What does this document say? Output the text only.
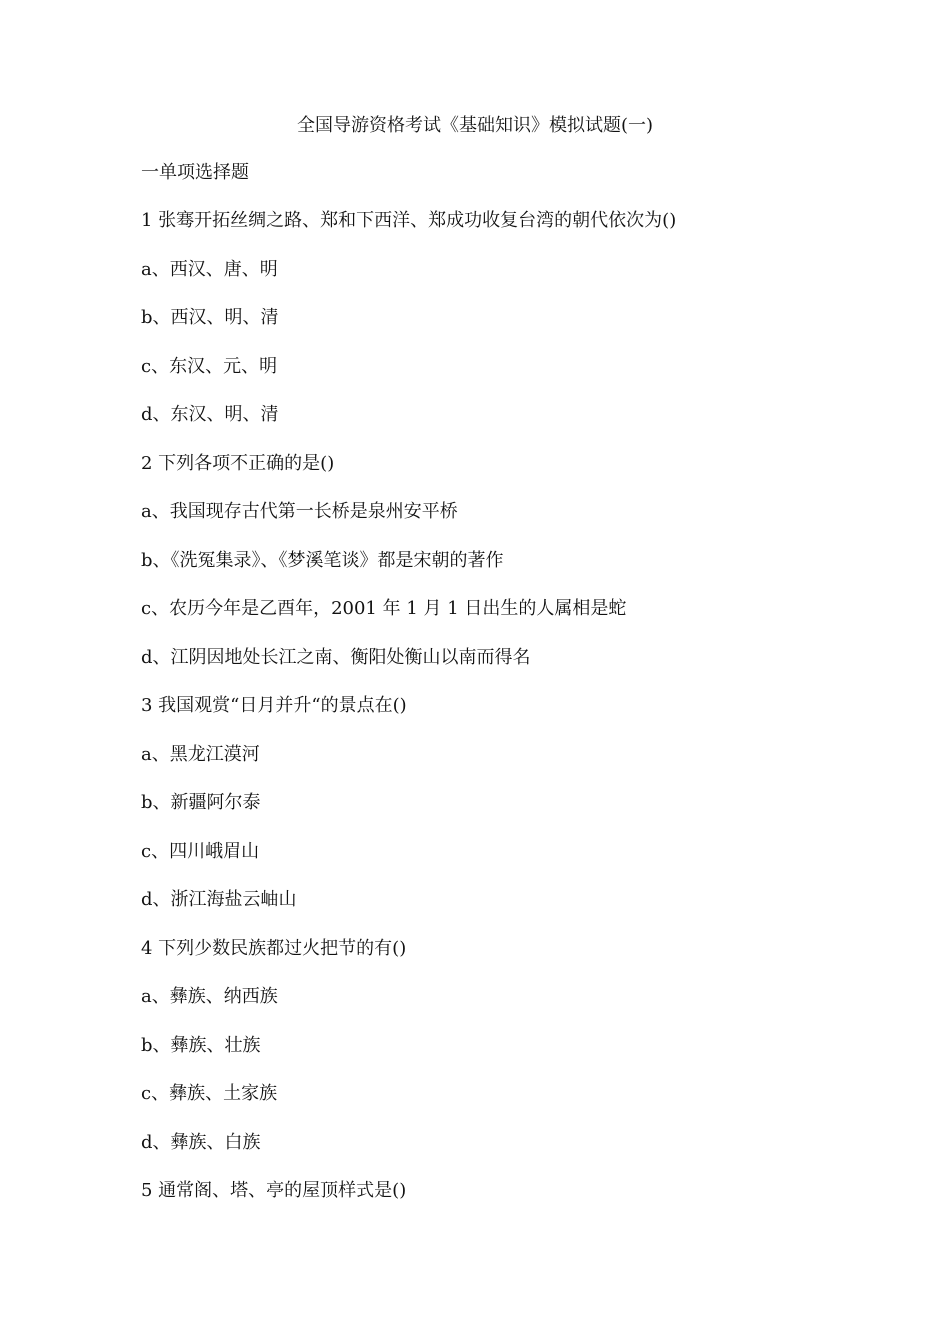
全国导游资格考试《基础知识》模拟试题(一)
一单项选择题
1 张骞开拓丝绸之路、郑和下西洋、郑成功收复台湾的朝代依次为()
a、西汉、唐、明
b、西汉、明、清
c、东汉、元、明
d、东汉、明、清
2 下列各项不正确的是()
a、我国现存古代第一长桥是泉州安平桥
b、《洗冤集录》、《梦溪笔谈》都是宋朝的著作
c、农历今年是乙酉年，2001 年 1 月 1 日出生的人属相是蛇
d、江阴因地处长江之南、衡阳处衡山以南而得名
3 我国观赏“日月并升“的景点在()
a、黑龙江漠河
b、新疆阿尔泰
c、四川峨眉山
d、浙江海盐云岫山
4 下列少数民族都过火把节的有()
a、彝族、纳西族
b、彝族、壮族
c、彝族、土家族
d、彝族、白族
5 通常阁、塔、亭的屋顶样式是()
